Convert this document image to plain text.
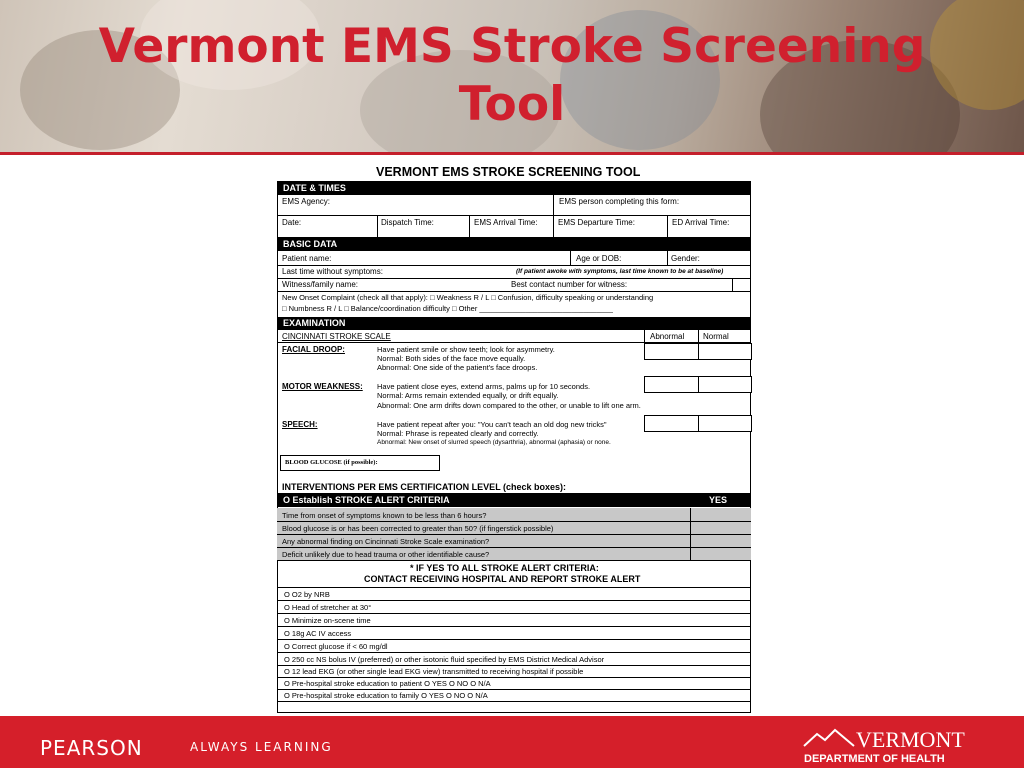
Vermont EMS Stroke Screening
Tool
VERMONT EMS STROKE SCREENING TOOL
DATE & TIMES
EMS Agency:	EMS person completing this form:
Date:	Dispatch Time:	EMS Arrival Time:	EMS Departure Time:	ED Arrival Time:
BASIC DATA
Patient name:	Age or DOB:	Gender:
Last time without symptoms:	(If patient awoke with symptoms, last time known to be at baseline)
Witness/family name:	Best contact number for witness:
New Onset Complaint (check all that apply): □ Weakness R / L □ Confusion, difficulty speaking or understanding
□ Numbness R / L □ Balance/coordination difficulty □ Other ________________________________
EXAMINATION
CINCINNATI STROKE SCALE	Abnormal Normal
FACIAL DROOP:	Have patient smile or show teeth; look for asymmetry.
Normal: Both sides of the face move equally.
Abnormal: One side of the patient's face droops.
MOTOR WEAKNESS: Have patient close eyes, extend arms, palms up for 10 seconds.
Normal: Arms remain extended equally, or drift equally.
Abnormal: One arm drifts down compared to the other, or unable to lift one arm.
SPEECH:	Have patient repeat after you: "You can't teach an old dog new tricks"
Normal: Phrase is repeated clearly and correctly.
Abnormal: New onset of slurred speech (dysarthria), abnormal (aphasia) or none.
BLOOD GLUCOSE (if possible):
INTERVENTIONS PER EMS CERTIFICATION LEVEL (check boxes):
O Establish STROKE ALERT CRITERIA	YES
Time from onset of symptoms known to be less than 6 hours?
Blood glucose is or has been corrected to greater than 50? (if fingerstick possible)
Any abnormal finding on Cincinnati Stroke Scale examination?
Deficit unlikely due to head trauma or other identifiable cause?
* IF YES TO ALL STROKE ALERT CRITERIA:
CONTACT RECEIVING HOSPITAL AND REPORT STROKE ALERT
O O2 by NRB
O Head of stretcher at 30°
O Minimize on-scene time
O 18g AC IV access
O Correct glucose if < 60 mg/dl
O 250 cc NS bolus IV (preferred) or other isotonic fluid specified by EMS District Medical Advisor
O 12 lead EKG (or other single lead EKG view) transmitted to receiving hospital if possible
O Pre-hospital stroke education to patient O YES O NO O N/A
O Pre-hospital stroke education to family O YES O NO O N/A
PEARSON	ALWAYS LEARNING	VERMONT
DEPARTMENT OF HEALTH
